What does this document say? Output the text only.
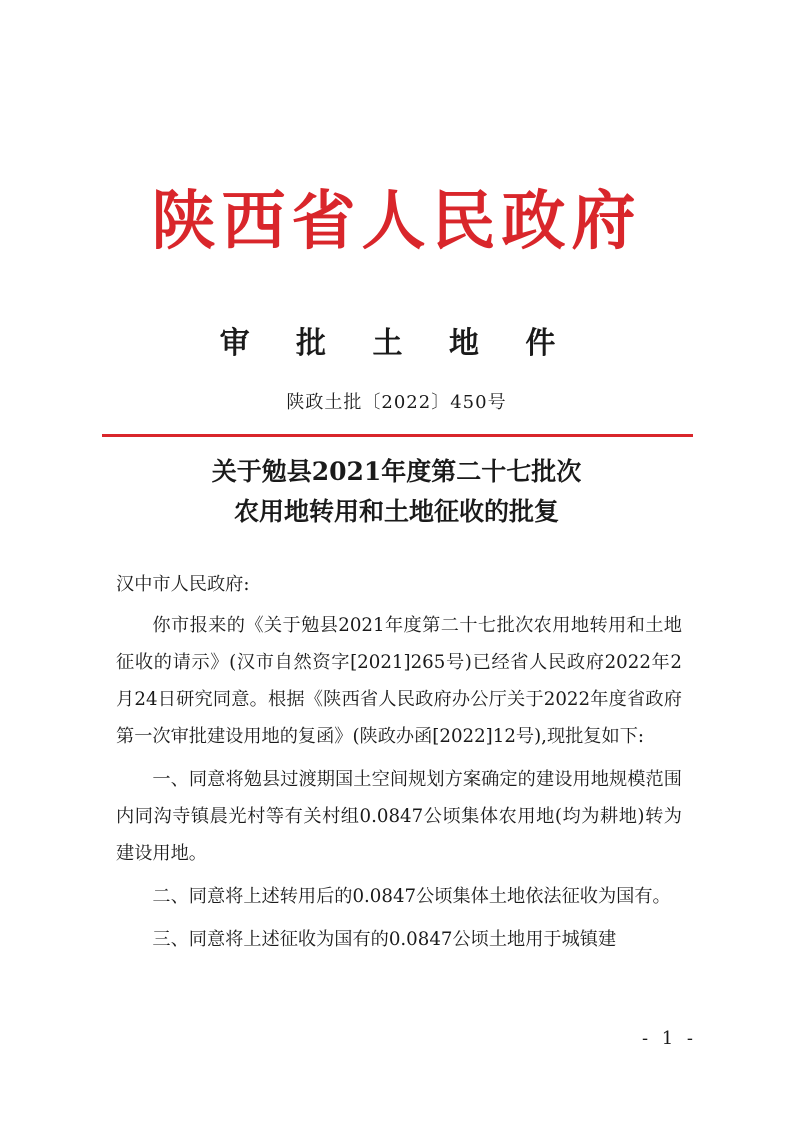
陕西省人民政府
审 批 土 地 件
陕政土批〔2022〕450号
关于勉县2021年度第二十七批次
农用地转用和土地征收的批复

汉中市人民政府:

你市报来的《关于勉县2021年度第二十七批次农用地转用和土地征收的请示》(汉市自然资字[2021]265号)已经省人民政府2022年2月24日研究同意。根据《陕西省人民政府办公厅关于2022年度省政府第一次审批建设用地的复函》(陕政办函[2022]12号),现批复如下:

一、同意将勉县过渡期国土空间规划方案确定的建设用地规模范围内同沟寺镇晨光村等有关村组0.0847公顷集体农用地(均为耕地)转为建设用地。

二、同意将上述转用后的0.0847公顷集体土地依法征收为国有。

三、同意将上述征收为国有的0.0847公顷土地用于城镇建

- 1 -
